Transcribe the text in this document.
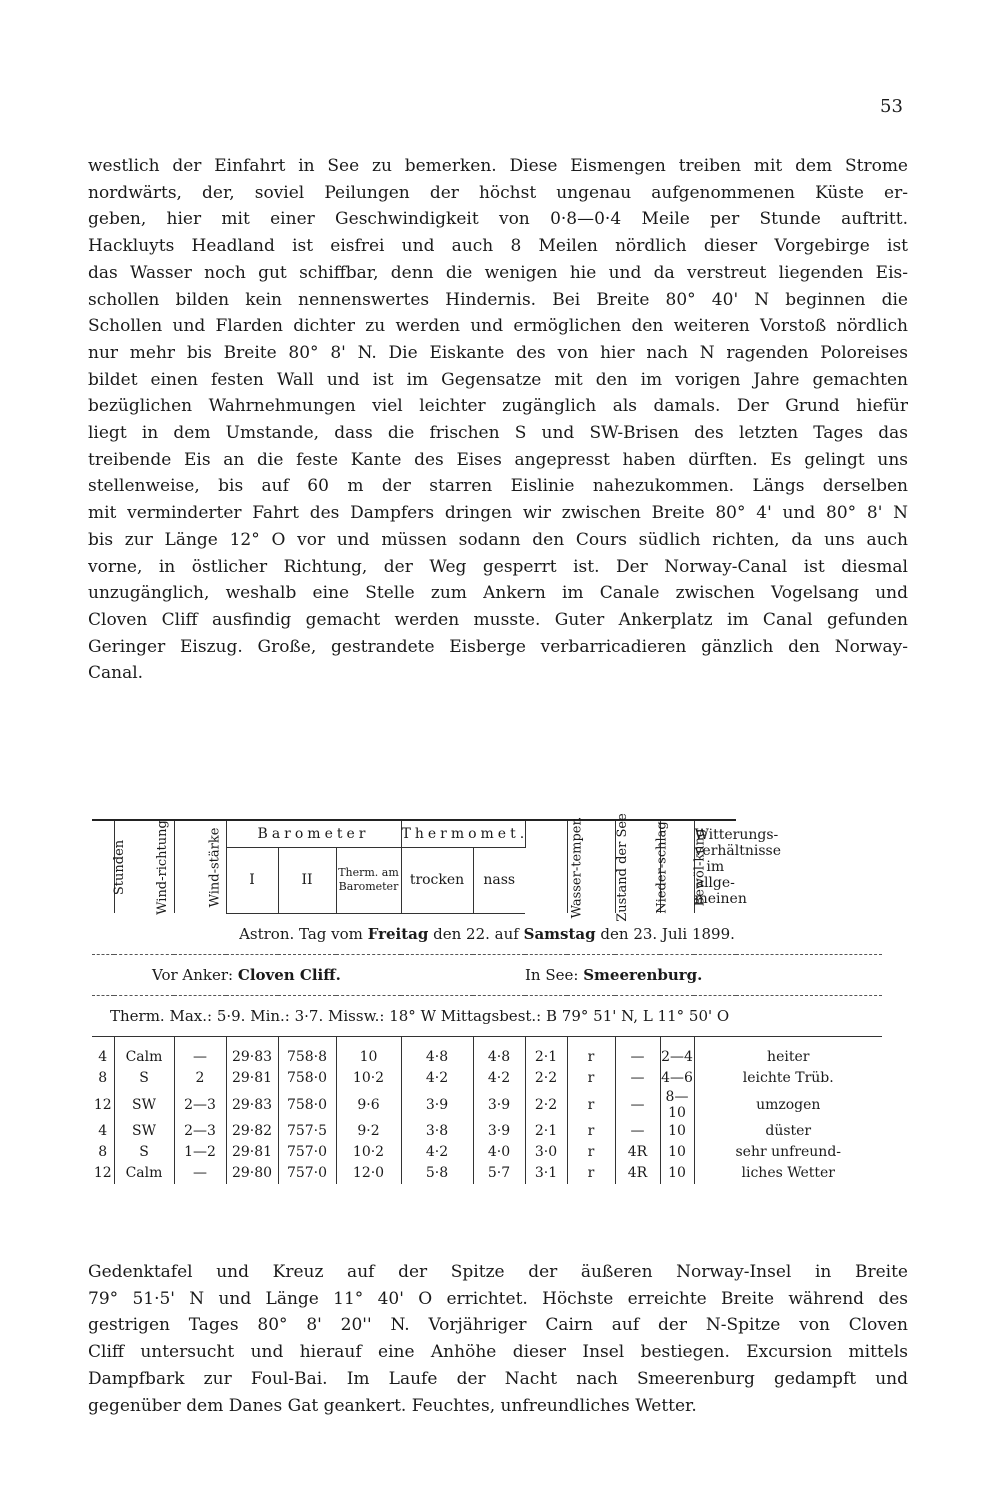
53
westlich der Einfahrt in See zu bemerken. Diese Eismengen treiben mit dem Strome
nordwärts, der, soviel Peilungen der höchst ungenau aufgenommenen Küste er-
geben, hier mit einer Geschwindigkeit von 0·8—0·4 Meile per Stunde auftritt.
Hackluyts Headland ist eisfrei und auch 8 Meilen nördlich dieser Vorgebirge ist
das Wasser noch gut schiffbar, denn die wenigen hie und da verstreut liegenden Eis-
schollen bilden kein nennenswertes Hindernis. Bei Breite 80° 40' N beginnen die
Schollen und Flarden dichter zu werden und ermöglichen den weiteren Vorstoß nördlich
nur mehr bis Breite 80° 8' N. Die Eiskante des von hier nach N ragenden Poloreises
bildet einen festen Wall und ist im Gegensatze mit den im vorigen Jahre gemachten
bezüglichen Wahrnehmungen viel leichter zugänglich als damals. Der Grund hiefür
liegt in dem Umstande, dass die frischen S und SW-Brisen des letzten Tages das
treibende Eis an die feste Kante des Eises angepresst haben dürften. Es gelingt uns
stellenweise, bis auf 60 m der starren Eislinie nahezukommen. Längs derselben
mit verminderter Fahrt des Dampfers dringen wir zwischen Breite 80° 4' und 80° 8' N
bis zur Länge 12° O vor und müssen sodann den Cours südlich richten, da uns auch
vorne, in östlicher Richtung, der Weg gesperrt ist. Der Norway-Canal ist diesmal
unzugänglich, weshalb eine Stelle zum Ankern im Canale zwischen Vogelsang und
Cloven Cliff ausfindig gemacht werden musste. Guter Ankerplatz im Canal gefunden
Geringer Eiszug. Große, gestrandete Eisberge verbarricadieren gänzlich den Norway-
Canal.
Stunden	Wind-richtung	Wind-stärke	Barometer			Thermomet.		Wasser-temper.	Zustand der See	Nieder-schlag	Bewöl-kung	Witterungs-verhältnisse im allge-meinen
			I	II	Therm. am Barometer	trocken	nass					
Astron. Tag vom Freitag den 22. auf Samstag den 23. Juli 1899.												
Vor Anker: Cloven Cliff.								In See: Smeerenburg.				
Therm. Max.: 5·9. Min.: 3·7. Missw.: 18° W Mittagsbest.: B 79° 51' N, L 11° 50' O												
4	Calm	—	29·83	758·8	10	4·8	4·8	2·1	r	—	2—4	heiter
8	S	2	29·81	758·0	10·2	4·2	4·2	2·2	r	—	4—6	leichte Trüb.
12	SW	2—3	29·83	758·0	9·6	3·9	3·9	2·2	r	—	8—10	umzogen
4	SW	2—3	29·82	757·5	9·2	3·8	3·9	2·1	r	—	10	düster
8	S	1—2	29·81	757·0	10·2	4·2	4·0	3·0	r	4R	10	sehr unfreund-
12	Calm	—	29·80	757·0	12·0	5·8	5·7	3·1	r	4R	10	liches Wetter
Gedenktafel und Kreuz auf der Spitze der äußeren Norway-Insel in Breite
79° 51·5' N und Länge 11° 40' O errichtet. Höchste erreichte Breite während des
gestrigen Tages 80° 8' 20'' N. Vorjähriger Cairn auf der N-Spitze von Cloven
Cliff untersucht und hierauf eine Anhöhe dieser Insel bestiegen. Excursion mittels
Dampfbark zur Foul-Bai. Im Laufe der Nacht nach Smeerenburg gedampft und
gegenüber dem Danes Gat geankert. Feuchtes, unfreundliches Wetter.
